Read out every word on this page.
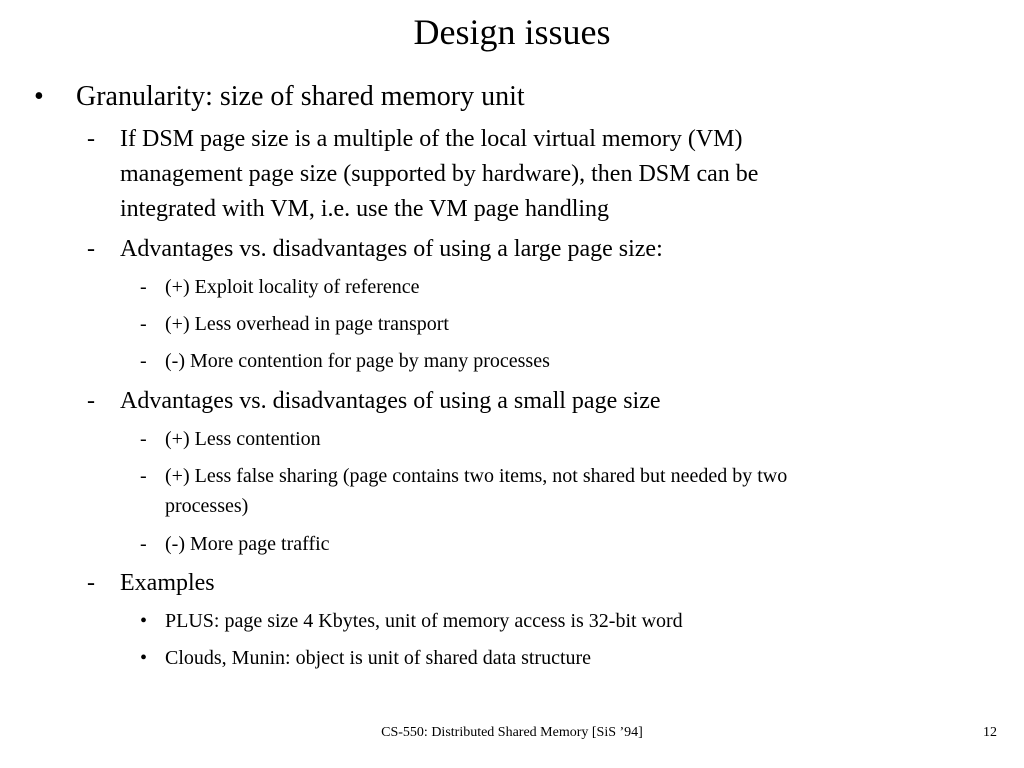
Design issues
• Granularity: size of shared memory unit
- If DSM page size is a multiple of the local virtual memory (VM)
management page size (supported by hardware), then DSM can be
integrated with VM, i.e. use the VM page handling
- Advantages vs. disadvantages of using a large page size:
- (+) Exploit locality of reference
- (+) Less overhead in page transport
- (-) More contention for page by many processes
- Advantages vs. disadvantages of using a small page size
- (+) Less contention
- (+) Less false sharing (page contains two items, not shared but needed by two
processes)
- (-) More page traffic
- Examples
• PLUS: page size 4 Kbytes, unit of memory access is 32-bit word
• Clouds, Munin: object is unit of shared data structure
CS-550: Distributed Shared Memory [SiS ’94]	12
